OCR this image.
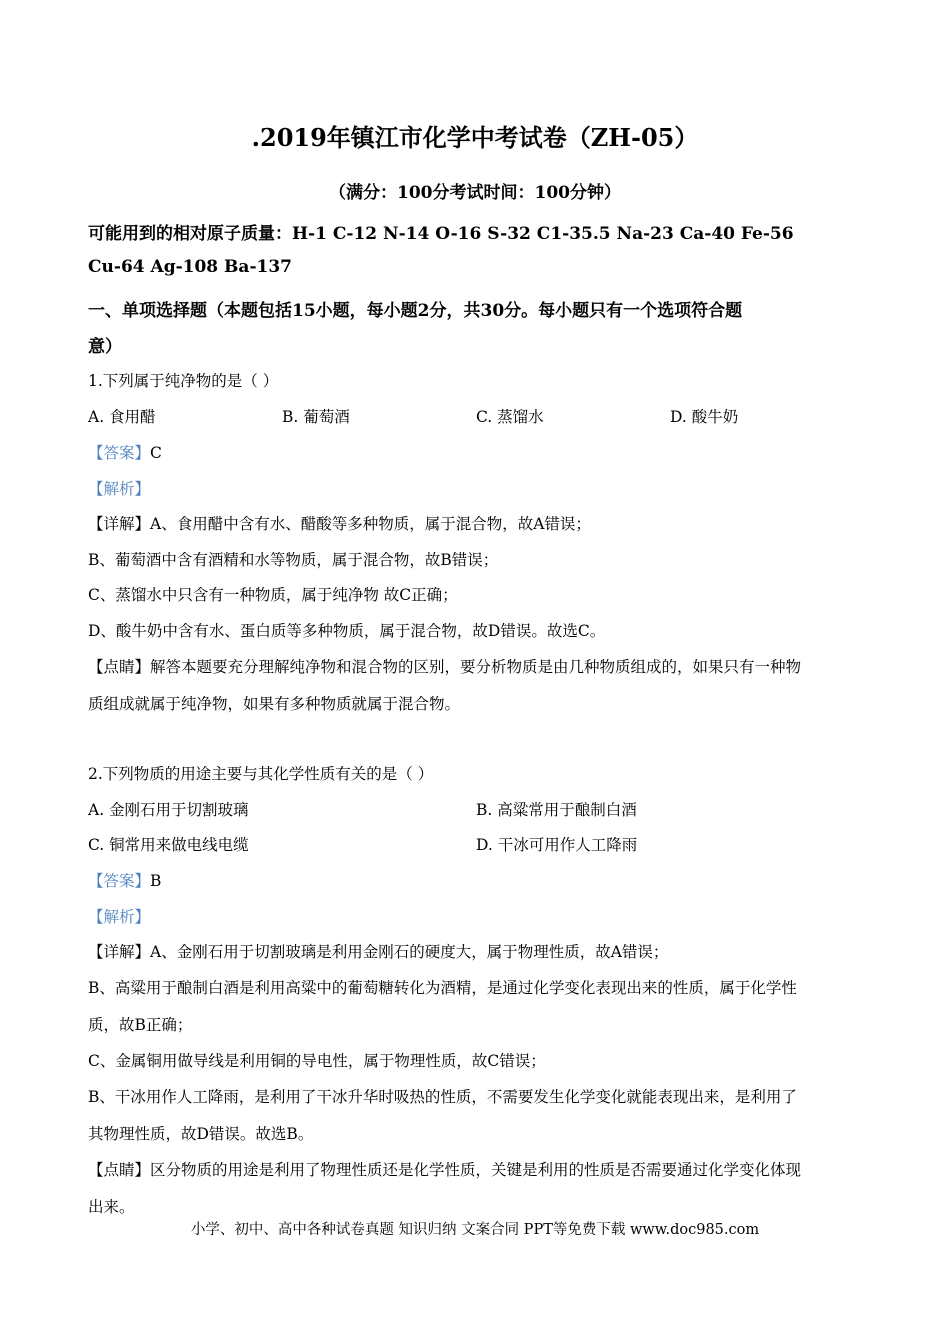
.2019年镇江市化学中考试卷（ZH-05）
（满分：100分考试时间：100分钟）
可能用到的相对原子质量：H-1 C-12 N-14 O-16 S-32 C1-35.5 Na-23 Ca-40 Fe-56
Cu-64 Ag-108 Ba-137
一、单项选择题（本题包括15小题，每小题2分，共30分。每小题只有一个选项符合题
意）
1.下列属于纯净物的是（ ）
A. 食用醋	B. 葡萄酒	C. 蒸馏水	D. 酸牛奶
【答案】C
【解析】
【详解】A、食用醋中含有水、醋酸等多种物质，属于混合物，故A错误；
B、葡萄酒中含有酒精和水等物质，属于混合物，故B错误；
C、蒸馏水中只含有一种物质，属于纯净物 故C正确；
D、酸牛奶中含有水、蛋白质等多种物质，属于混合物，故D错误。故选C。
【点睛】解答本题要充分理解纯净物和混合物的区别，要分析物质是由几种物质组成的，如果只有一种物
质组成就属于纯净物，如果有多种物质就属于混合物。
2.下列物质的用途主要与其化学性质有关的是（ ）
A. 金刚石用于切割玻璃	B. 高粱常用于酿制白酒
C. 铜常用来做电线电缆	D. 干冰可用作人工降雨
【答案】B
【解析】
【详解】A、金刚石用于切割玻璃是利用金刚石的硬度大，属于物理性质，故A错误；
B、高粱用于酿制白酒是利用高粱中的葡萄糖转化为酒精，是通过化学变化表现出来的性质，属于化学性
质，故B正确；
C、金属铜用做导线是利用铜的导电性，属于物理性质，故C错误；
B、干冰用作人工降雨，是利用了干冰升华时吸热的性质，不需要发生化学变化就能表现出来，是利用了
其物理性质，故D错误。故选B。
【点睛】区分物质的用途是利用了物理性质还是化学性质，关键是利用的性质是否需要通过化学变化体现
出来。
小学、初中、高中各种试卷真题 知识归纳 文案合同 PPT等免费下载 www.doc985.com
